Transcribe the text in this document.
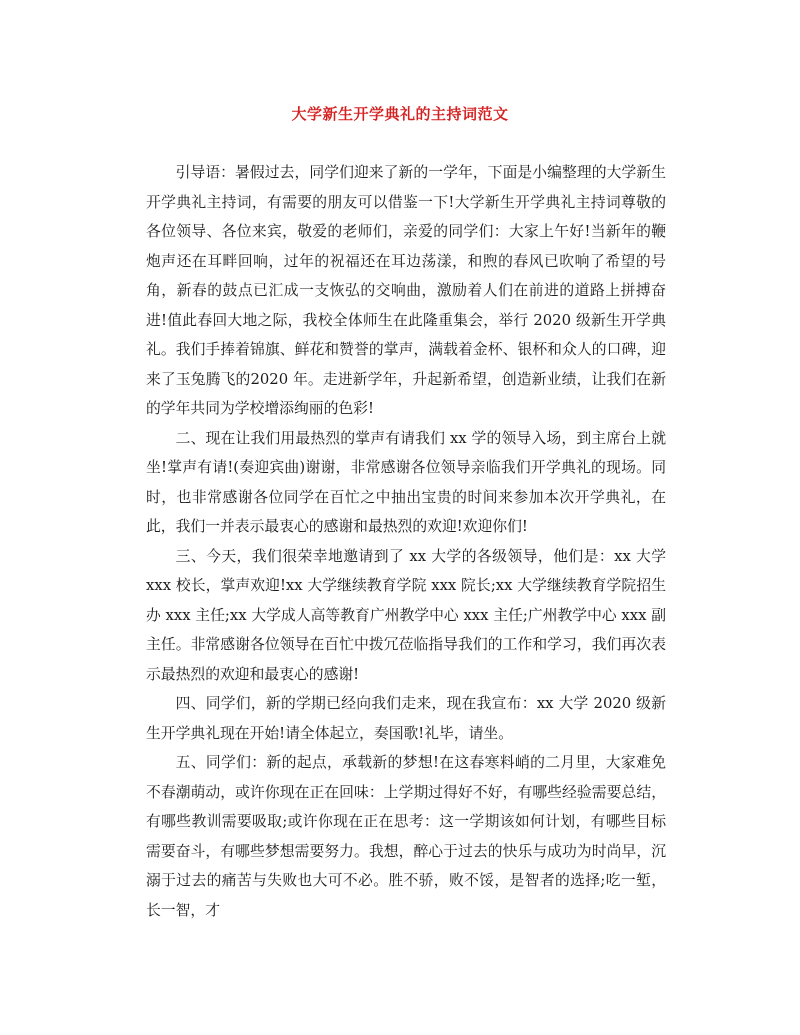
大学新生开学典礼的主持词范文

引导语：暑假过去，同学们迎来了新的一学年，下面是小编整理的大学新生开学典礼主持词，有需要的朋友可以借鉴一下!大学新生开学典礼主持词尊敬的各位领导、各位来宾，敬爱的老师们，亲爱的同学们：大家上午好!当新年的鞭炮声还在耳畔回响，过年的祝福还在耳边荡漾，和煦的春风已吹响了希望的号角，新春的鼓点已汇成一支恢弘的交响曲，激励着人们在前进的道路上拼搏奋进!值此春回大地之际，我校全体师生在此隆重集会，举行 2020 级新生开学典礼。我们手捧着锦旗、鲜花和赞誉的掌声，满载着金杯、银杯和众人的口碑，迎来了玉兔腾飞的2020 年。走进新学年，升起新希望，创造新业绩，让我们在新的学年共同为学校增添绚丽的色彩!

二、现在让我们用最热烈的掌声有请我们 xx 学的领导入场，到主席台上就坐!掌声有请!(奏迎宾曲)谢谢，非常感谢各位领导亲临我们开学典礼的现场。同时，也非常感谢各位同学在百忙之中抽出宝贵的时间来参加本次开学典礼，在此，我们一并表示最衷心的感谢和最热烈的欢迎!欢迎你们!

三、今天，我们很荣幸地邀请到了 xx 大学的各级领导，他们是：xx 大学 xxx 校长，掌声欢迎!xx 大学继续教育学院 xxx 院长;xx 大学继续教育学院招生办 xxx 主任;xx 大学成人高等教育广州教学中心 xxx 主任;广州教学中心 xxx 副主任。非常感谢各位领导在百忙中拨冗莅临指导我们的工作和学习，我们再次表示最热烈的欢迎和最衷心的感谢!

四、同学们，新的学期已经向我们走来，现在我宣布：xx 大学 2020 级新生开学典礼现在开始!请全体起立，奏国歌!礼毕，请坐。

五、同学们：新的起点，承载新的梦想!在这春寒料峭的二月里，大家难免不春潮萌动，或许你现在正在回味：上学期过得好不好，有哪些经验需要总结，有哪些教训需要吸取;或许你现在正在思考：这一学期该如何计划，有哪些目标需要奋斗，有哪些梦想需要努力。我想，醉心于过去的快乐与成功为时尚早，沉溺于过去的痛苦与失败也大可不必。胜不骄，败不馁，是智者的选择;吃一堑，长一智，才
